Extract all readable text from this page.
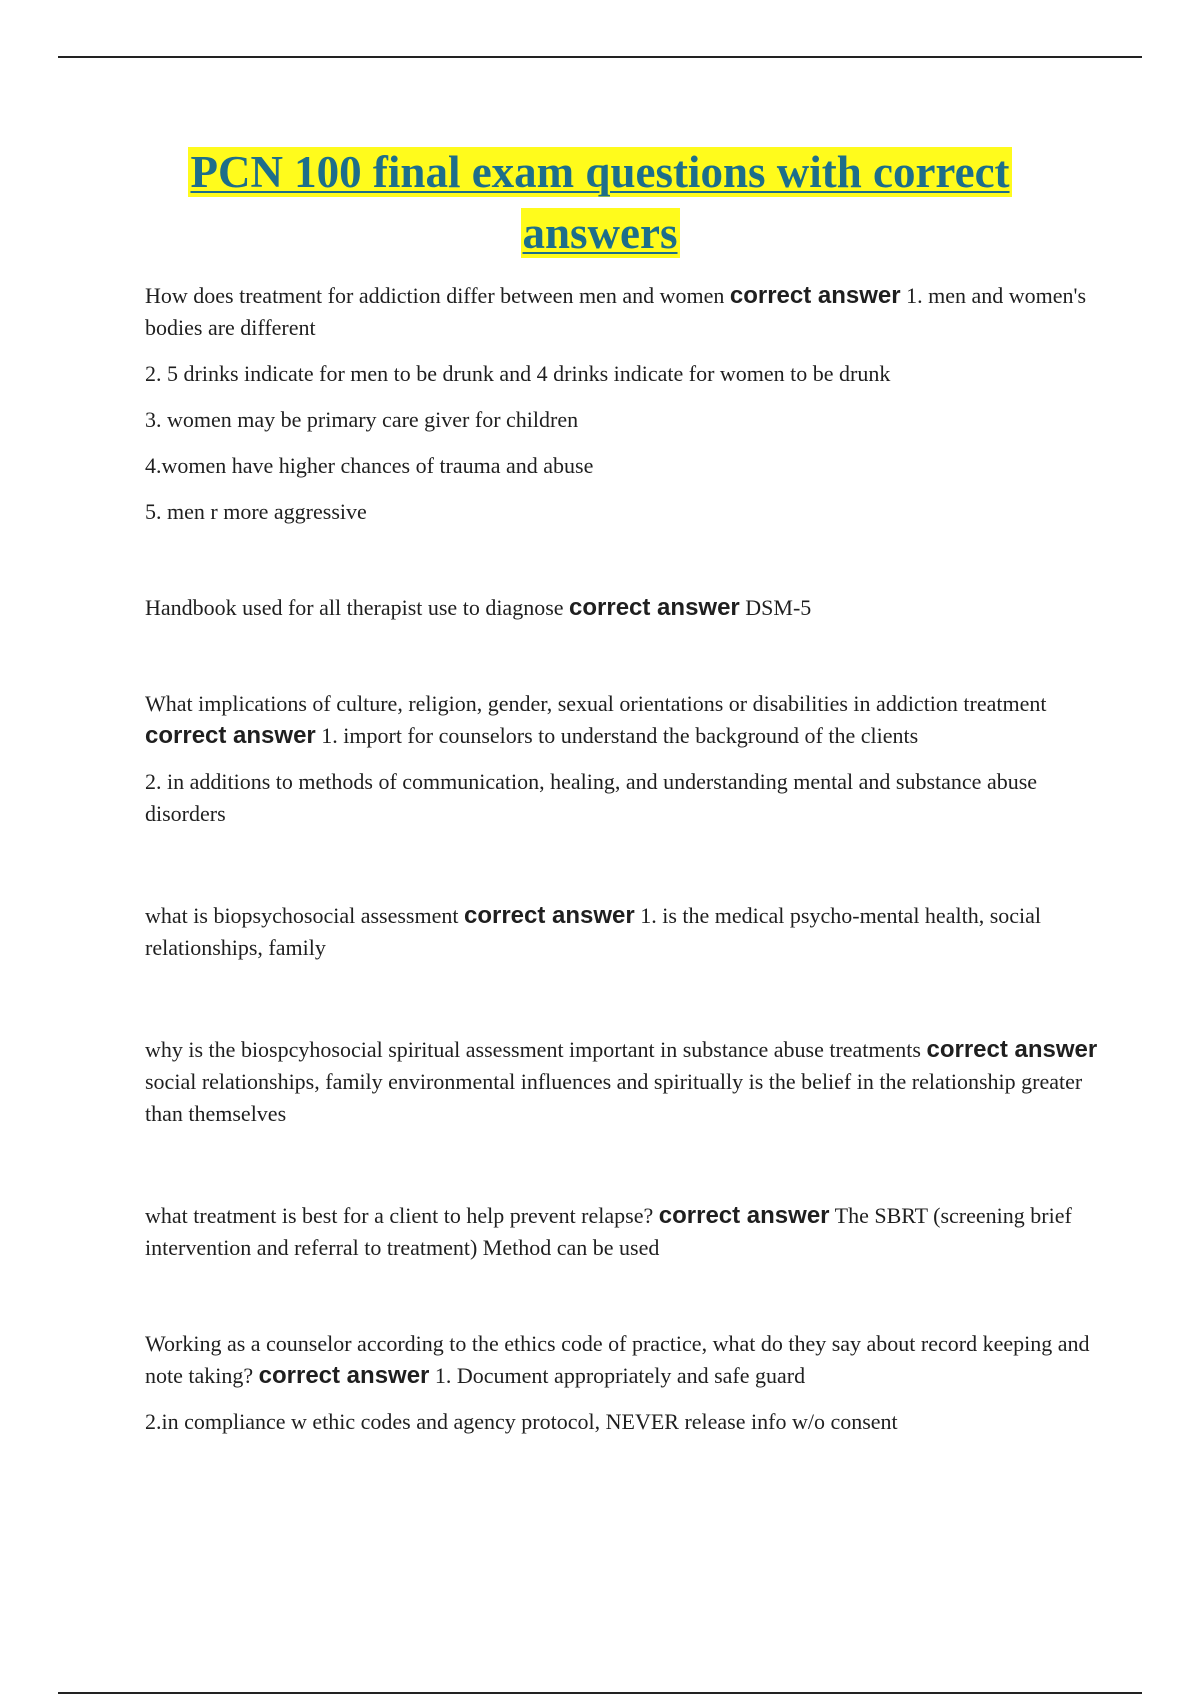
PCN 100 final exam questions with correct
answers

How does treatment for addiction differ between men and women correct answer 1. men and women's bodies are different

2. 5 drinks indicate for men to be drunk and 4 drinks indicate for women to be drunk

3. women may be primary care giver for children

4.women have higher chances of trauma and abuse

5. men r more aggressive

Handbook used for all therapist use to diagnose correct answer DSM-5

What implications of culture, religion, gender, sexual orientations or disabilities in addiction treatment correct answer 1. import for counselors to understand the background of the clients

2. in additions to methods of communication, healing, and understanding mental and substance abuse disorders

what is biopsychosocial assessment correct answer 1. is the medical psycho-mental health, social relationships, family

why is the biospcyhosocial spiritual assessment important in substance abuse treatments correct answer social relationships, family environmental influences and spiritually is the belief in the relationship greater than themselves

what treatment is best for a client to help prevent relapse? correct answer The SBRT (screening brief intervention and referral to treatment) Method can be used

Working as a counselor according to the ethics code of practice, what do they say about record keeping and note taking? correct answer 1. Document appropriately and safe guard

2.in compliance w ethic codes and agency protocol, NEVER release info w/o consent
